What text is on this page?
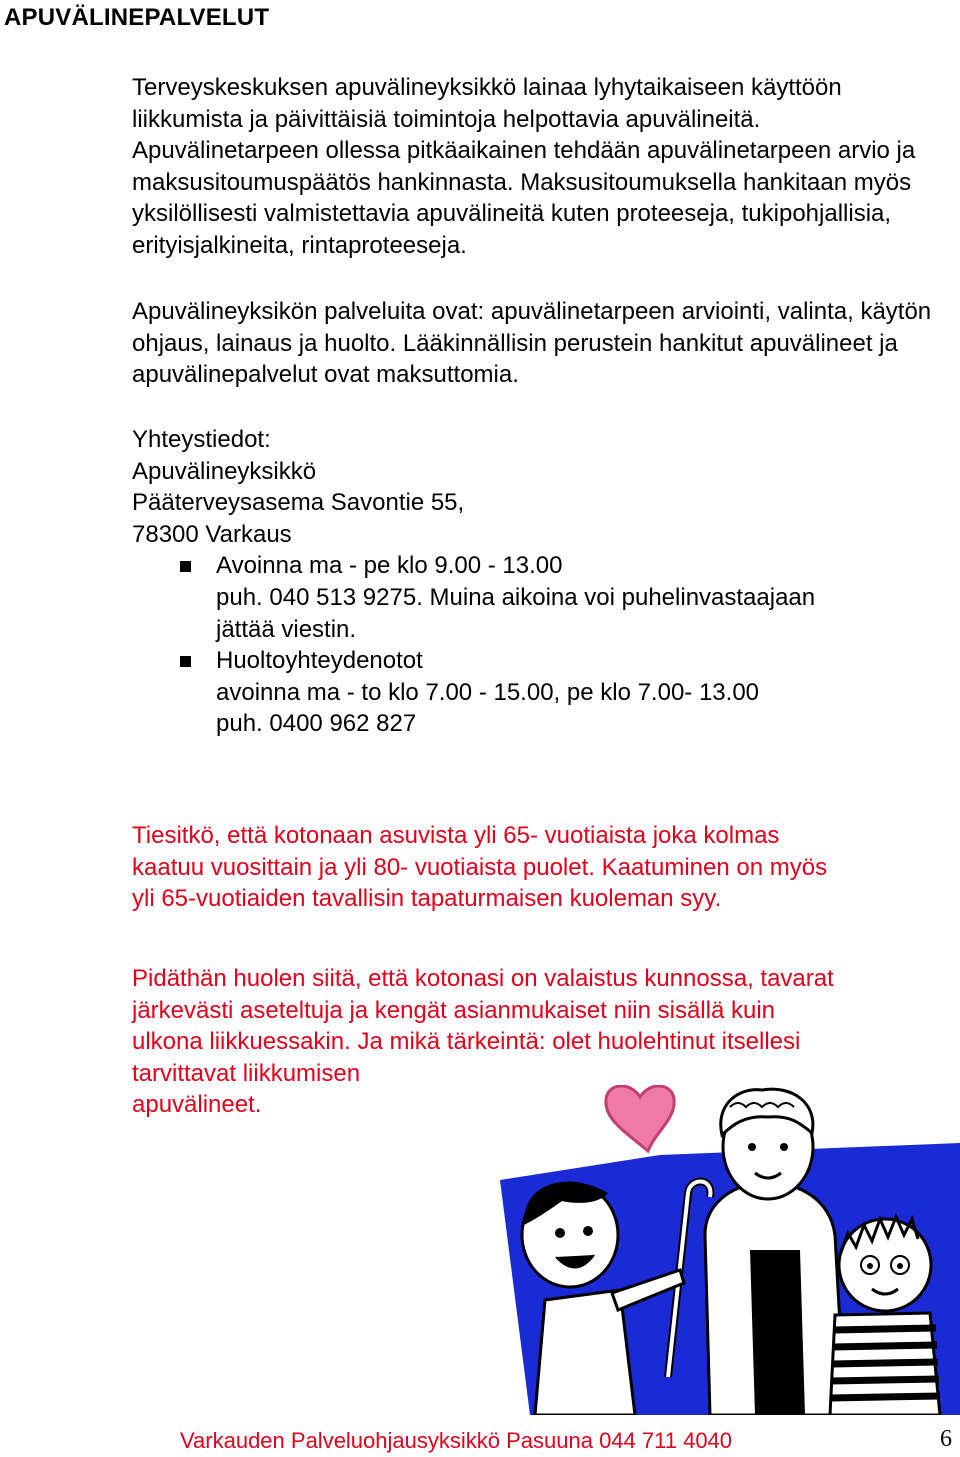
APUVÄLINEPALVELUT

Terveyskeskuksen apuvälineyksikkö lainaa lyhytaikaiseen käyttöön liikkumista ja päivittäisiä toimintoja helpottavia apuvälineitä. Apuvälinetarpeen ollessa pitkäaikainen tehdään apuvälinetarpeen arvio ja maksusitoumuspäätös hankinnasta. Maksusitoumuksella hankitaan myös yksilöllisesti valmistettavia apuvälineitä kuten proteeseja, tukipohjallisia, erityisjalkineita, rintaproteeseja.

Apuvälineyksikön palveluita ovat: apuvälinetarpeen arviointi, valinta, käytön ohjaus, lainaus ja huolto. Lääkinnällisin perustein hankitut apuvälineet ja apuvälinepalvelut ovat maksuttomia.

Yhteystiedot:
Apuvälineyksikkö
Pääterveysasema Savontie 55,
78300 Varkaus
Avoinna ma - pe klo 9.00 - 13.00
puh. 040 513 9275. Muina aikoina voi puhelinvastaajaan
jättää viestin.
Huoltoyhteydenotot
avoinna ma - to klo 7.00 - 15.00, pe klo 7.00- 13.00
puh. 0400 962 827
Tiesitkö, että kotonaan asuvista yli 65- vuotiaista joka kolmas
kaatuu vuosittain ja yli 80- vuotiaista puolet. Kaatuminen on myös
yli 65-vuotiaiden tavallisin tapaturmaisen kuoleman syy.
Pidäthän huolen siitä, että kotonasi on valaistus kunnossa, tavarat
järkevästi aseteltuja ja kengät asianmukaiset niin sisällä kuin
ulkona liikkuessakin. Ja mikä tärkeintä: olet huolehtinut itsellesi
tarvittavat liikkumisen
apuvälineet.

Varkauden Palveluohjausyksikkö Pasuuna 044 711 4040	6
